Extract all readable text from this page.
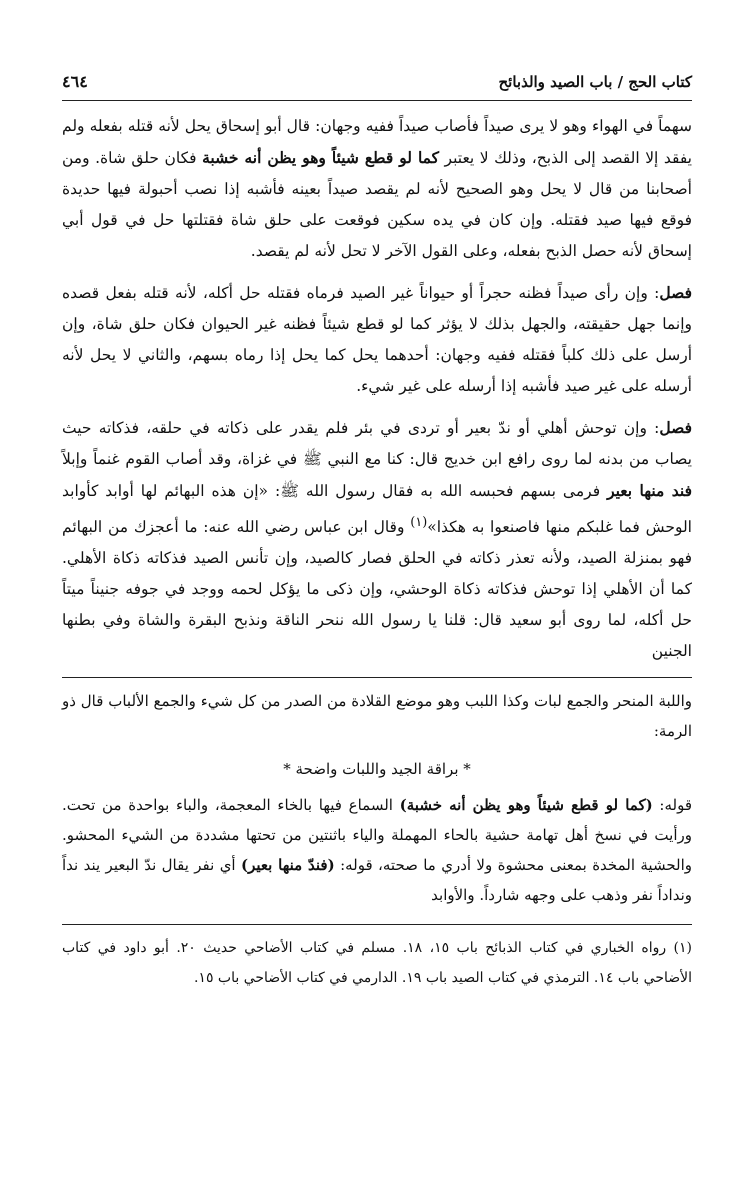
كتاب الحج / باب الصيد والذبائح
٤٦٤

سهماً في الهواء وهو لا يرى صيداً فأصاب صيداً ففيه وجهان: قال أبو إسحاق يحل لأنه قتله بفعله ولم يفقد إلا القصد إلى الذبح، وذلك لا يعتبر كما لو قطع شيئاً وهو يظن أنه خشبة فكان حلق شاة. ومن أصحابنا من قال لا يحل وهو الصحيح لأنه لم يقصد صيداً بعينه فأشبه إذا نصب أحبولة فيها حديدة فوقع فيها صيد فقتله. وإن كان في يده سكين فوقعت على حلق شاة فقتلتها حل في قول أبي إسحاق لأنه حصل الذبح بفعله، وعلى القول الآخر لا تحل لأنه لم يقصد.

فصل: وإن رأى صيداً فظنه حجراً أو حيواناً غير الصيد فرماه فقتله حل أكله، لأنه قتله بفعل قصده وإنما جهل حقيقته، والجهل بذلك لا يؤثر كما لو قطع شيئاً فظنه غير الحيوان فكان حلق شاة، وإن أرسل على ذلك كلباً فقتله ففيه وجهان: أحدهما يحل كما يحل إذا رماه بسهم، والثاني لا يحل لأنه أرسله على غير صيد فأشبه إذا أرسله على غير شيء.

فصل: وإن توحش أهلي أو ندّ بعير أو تردى في بئر فلم يقدر على ذكاته في حلقه، فذكاته حيث يصاب من بدنه لما روى رافع ابن خديج قال: كنا مع النبي ﷺ في غزاة، وقد أصاب القوم غنماً وإبلاً فند منها بعير فرمى بسهم فحبسه الله به فقال رسول الله ﷺ: «إن هذه البهائم لها أوابد كأوابد الوحش فما غلبكم منها فاصنعوا به هكذا»$^{(١)}$ وقال ابن عباس رضي الله عنه: ما أعجزك من البهائم فهو بمنزلة الصيد، ولأنه تعذر ذكاته في الحلق فصار كالصيد، وإن تأنس الصيد فذكاته ذكاة الأهلي. كما أن الأهلي إذا توحش فذكاته ذكاة الوحشي، وإن ذكى ما يؤكل لحمه ووجد في جوفه جنيناً ميتاً حل أكله، لما روى أبو سعيد قال: قلنا يا رسول الله ننحر الناقة ونذبح البقرة والشاة وفي بطنها الجنين

واللبة المنحر والجمع لبات وكذا اللبب وهو موضع القلادة من الصدر من كل شيء والجمع الألباب قال ذو الرمة:

* براقة الجيد واللبات واضحة *

قوله: (كما لو قطع شيئاً وهو يظن أنه خشبة) السماع فيها بالخاء المعجمة، والباء بواحدة من تحت. ورأيت في نسخ أهل تهامة حشية بالحاء المهملة والياء باثنتين من تحتها مشددة من الشيء المحشو. والحشية المخدة بمعنى محشوة ولا أدري ما صحته، قوله: (فندّ منها بعير) أي نفر يقال ندّ البعير يند نداً ونداداً نفر وذهب على وجهه شارداً. والأوابد

(١) رواه الخباري في كتاب الذبائح باب ١٥، ١٨. مسلم في كتاب الأضاحي حديث ٢٠. أبو داود في كتاب الأضاحي باب ١٤. الترمذي في كتاب الصيد باب ١٩. الدارمي في كتاب الأضاحي باب ١٥.
